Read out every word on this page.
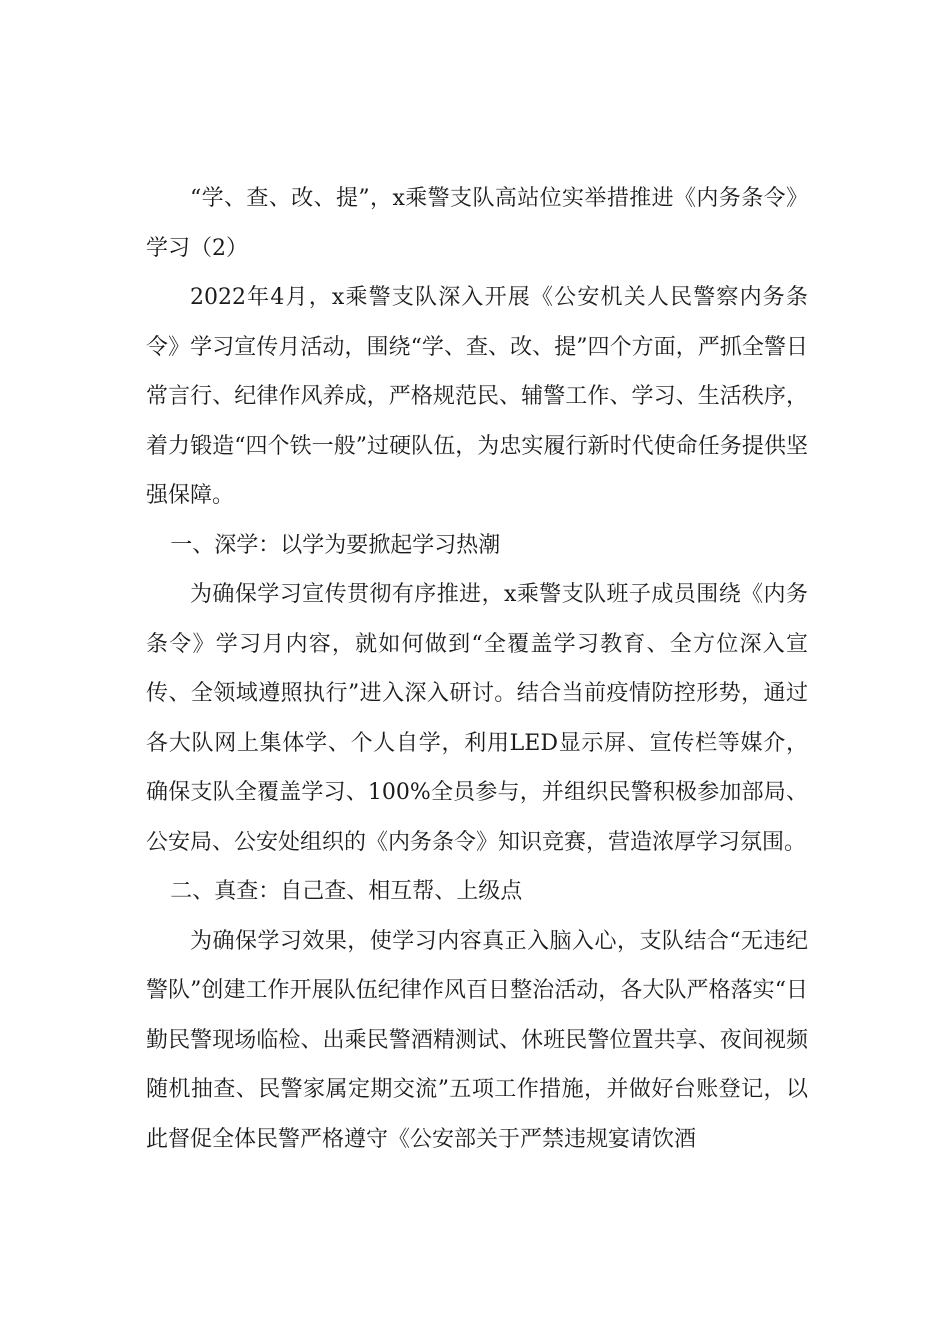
“学、查、改、提”，x乘警支队高站位实举措推进《内务条令》学习（2）

2022年4月，x乘警支队深入开展《公安机关人民警察内务条令》学习宣传月活动，围绕“学、查、改、提”四个方面，严抓全警日常言行、纪律作风养成，严格规范民、辅警工作、学习、生活秩序，着力锻造“四个铁一般”过硬队伍，为忠实履行新时代使命任务提供坚强保障。

一、深学：以学为要掀起学习热潮

为确保学习宣传贯彻有序推进，x乘警支队班子成员围绕《内务条令》学习月内容，就如何做到“全覆盖学习教育、全方位深入宣传、全领域遵照执行”进入深入研讨。结合当前疫情防控形势，通过各大队网上集体学、个人自学，利用LED显示屏、宣传栏等媒介，确保支队全覆盖学习、100%全员参与，并组织民警积极参加部局、公安局、公安处组织的《内务条令》知识竞赛，营造浓厚学习氛围。

二、真查：自己查、相互帮、上级点

为确保学习效果，使学习内容真正入脑入心，支队结合“无违纪警队”创建工作开展队伍纪律作风百日整治活动，各大队严格落实“日勤民警现场临检、出乘民警酒精测试、休班民警位置共享、夜间视频随机抽查、民警家属定期交流”五项工作措施，并做好台账登记，以此督促全体民警严格遵守《公安部关于严禁违规宴请饮酒
